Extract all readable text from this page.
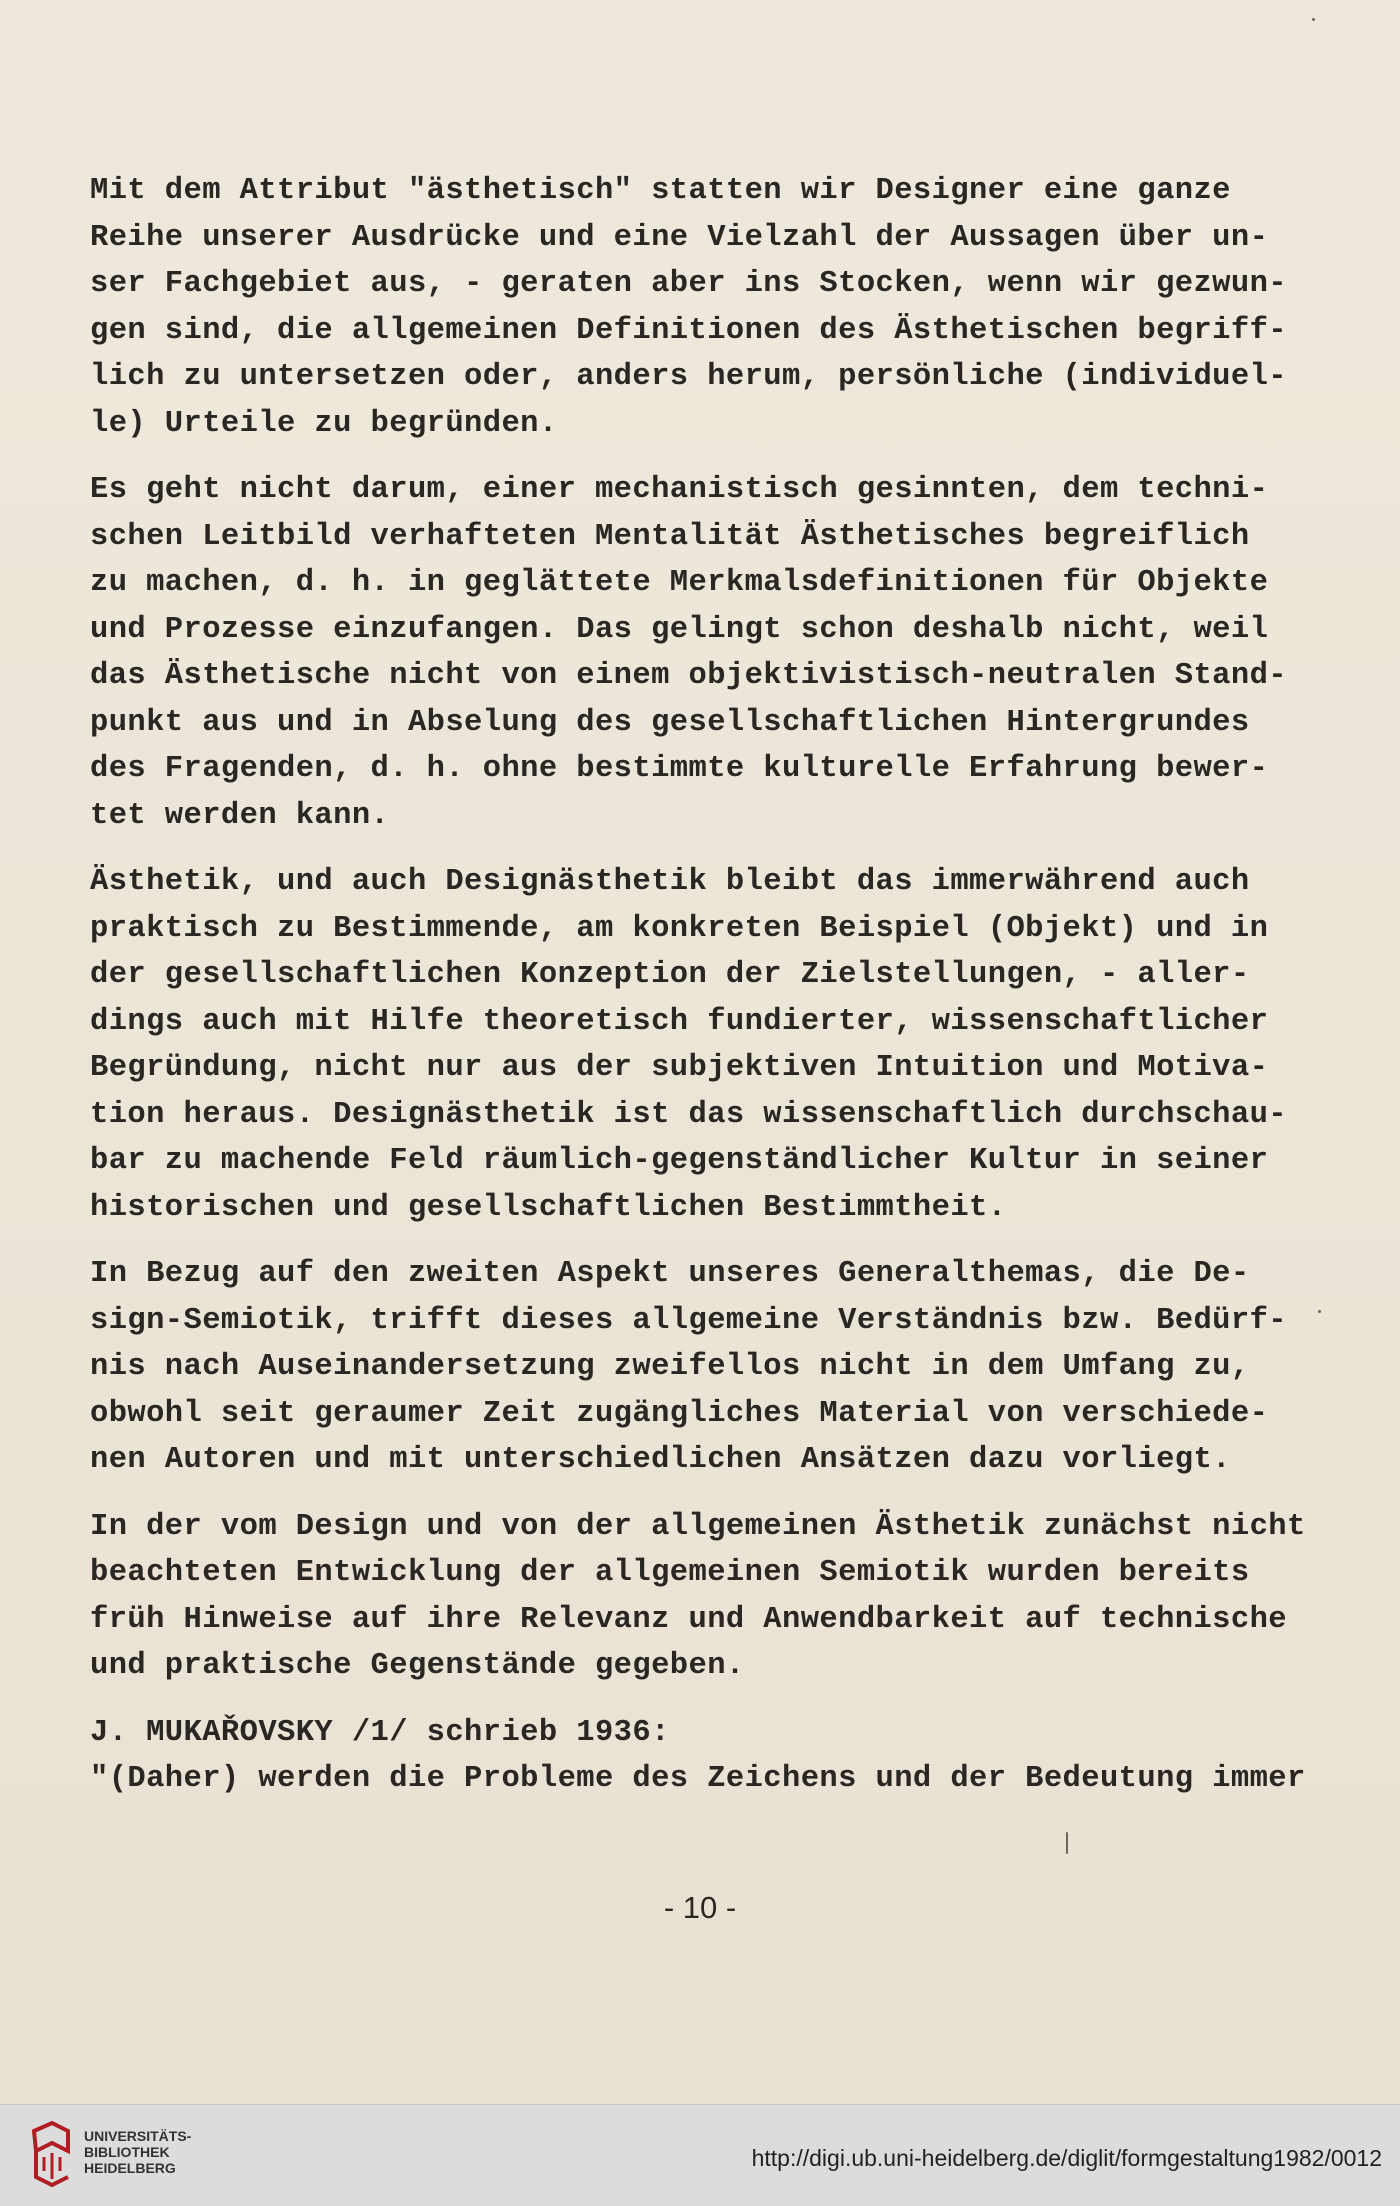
Mit dem Attribut "ästhetisch" statten wir Designer eine ganze
Reihe unserer Ausdrücke und eine Vielzahl der Aussagen über un-
ser Fachgebiet aus, - geraten aber ins Stocken, wenn wir gezwun-
gen sind, die allgemeinen Definitionen des Ästhetischen begriff-
lich zu untersetzen oder, anders herum, persönliche (individuel-
le) Urteile zu begründen.
Es geht nicht darum, einer mechanistisch gesinnten, dem techni-
schen Leitbild verhafteten Mentalität Ästhetisches begreiflich
zu machen, d. h. in geglättete Merkmalsdefinitionen für Objekte
und Prozesse einzufangen. Das gelingt schon deshalb nicht, weil
das Ästhetische nicht von einem objektivistisch-neutralen Stand-
punkt aus und in Abselung des gesellschaftlichen Hintergrundes
des Fragenden, d. h. ohne bestimmte kulturelle Erfahrung bewer-
tet werden kann.
Ästhetik, und auch Designästhetik bleibt das immerwährend auch
praktisch zu Bestimmende, am konkreten Beispiel (Objekt) und in
der gesellschaftlichen Konzeption der Zielstellungen, - aller-
dings auch mit Hilfe theoretisch fundierter, wissenschaftlicher
Begründung, nicht nur aus der subjektiven Intuition und Motiva-
tion heraus. Designästhetik ist das wissenschaftlich durchschau-
bar zu machende Feld räumlich-gegenständlicher Kultur in seiner
historischen und gesellschaftlichen Bestimmtheit.
In Bezug auf den zweiten Aspekt unseres Generalthemas, die De-
sign-Semiotik, trifft dieses allgemeine Verständnis bzw. Bedürf-
nis nach Auseinandersetzung zweifellos nicht in dem Umfang zu,
obwohl seit geraumer Zeit zugängliches Material von verschiede-
nen Autoren und mit unterschiedlichen Ansätzen dazu vorliegt.
In der vom Design und von der allgemeinen Ästhetik zunächst nicht
beachteten Entwicklung der allgemeinen Semiotik wurden bereits
früh Hinweise auf ihre Relevanz und Anwendbarkeit auf technische
und praktische Gegenstände gegeben.
J. MUKAŘOVSKY /1/ schrieb 1936:
"(Daher) werden die Probleme des Zeichens und der Bedeutung immer
- 10 -
UNIVERSITÄTS-
BIBLIOTHEK
HEIDELBERG	http://digi.ub.uni-heidelberg.de/diglit/formgestaltung1982/0012
